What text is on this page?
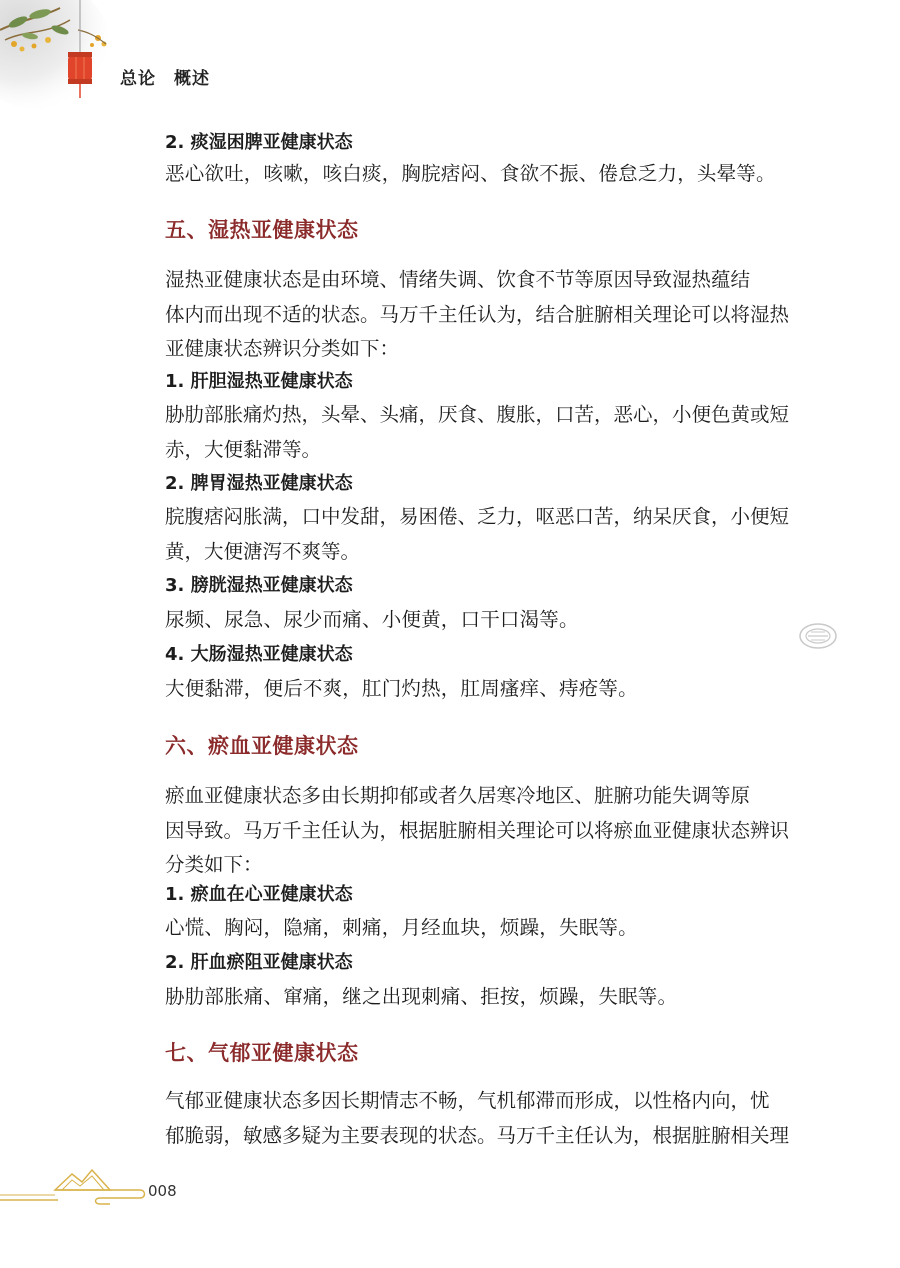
总论 概述
2. 痰湿困脾亚健康状态
恶心欲吐，咳嗽，咳白痰，胸脘痞闷、食欲不振、倦怠乏力，头晕等。
五、湿热亚健康状态
湿热亚健康状态是由环境、情绪失调、饮食不节等原因导致湿热蕴结
体内而出现不适的状态。马万千主任认为，结合脏腑相关理论可以将湿热
亚健康状态辨识分类如下：
1. 肝胆湿热亚健康状态
胁肋部胀痛灼热，头晕、头痛，厌食、腹胀，口苦，恶心，小便色黄或短
赤，大便黏滞等。
2. 脾胃湿热亚健康状态
脘腹痞闷胀满，口中发甜，易困倦、乏力，呕恶口苦，纳呆厌食，小便短
黄，大便溏泻不爽等。
3. 膀胱湿热亚健康状态
尿频、尿急、尿少而痛、小便黄，口干口渴等。
4. 大肠湿热亚健康状态
大便黏滞，便后不爽，肛门灼热，肛周瘙痒、痔疮等。
六、瘀血亚健康状态
瘀血亚健康状态多由长期抑郁或者久居寒冷地区、脏腑功能失调等原
因导致。马万千主任认为，根据脏腑相关理论可以将瘀血亚健康状态辨识
分类如下：
1. 瘀血在心亚健康状态
心慌、胸闷，隐痛，刺痛，月经血块，烦躁，失眠等。
2. 肝血瘀阻亚健康状态
胁肋部胀痛、窜痛，继之出现刺痛、拒按，烦躁，失眠等。
七、气郁亚健康状态
气郁亚健康状态多因长期情志不畅，气机郁滞而形成，以性格内向，忧
郁脆弱，敏感多疑为主要表现的状态。马万千主任认为，根据脏腑相关理
008
